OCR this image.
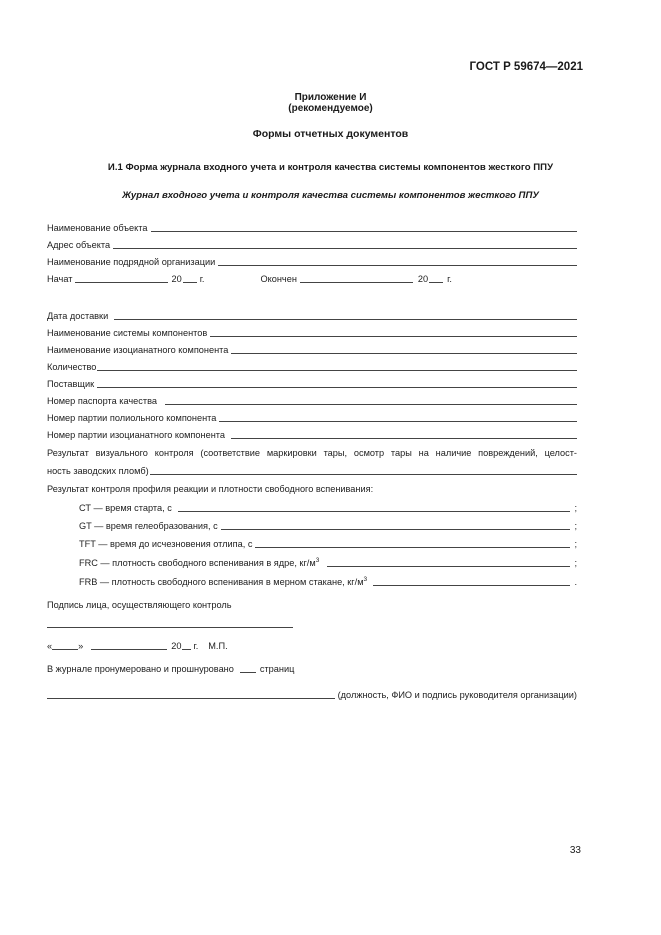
ГОСТ Р 59674—2021
Приложение И
(рекомендуемое)
Формы отчетных документов
И.1 Форма журнала входного учета и контроля качества системы компонентов жесткого ППУ
Журнал входного учета и контроля качества системы компонентов жесткого ППУ
Наименование объекта
Адрес объекта
Наименование подрядной организации
Начат	20 г.	Окончен	20 г.
Дата доставки
Наименование системы компонентов
Наименование изоцианатного компонента
Количество
Поставщик
Номер паспорта качества
Номер партии полиольного компонента
Номер партии изоцианатного компонента
Результат визуального контроля (соответствие маркировки тары, осмотр тары на наличие повреждений, целост-
ность заводских пломб)
Результат контроля профиля реакции и плотности свободного вспенивания:
СТ — время старта, с	;
GT — время гелеобразования, с	;
TFT — время до исчезновения отлипа, с	;
FRC — плотность свободного вспенивания в ядре, $кг/м^3$	;
FRB — плотность свободного вспенивания в мерном стакане, $кг/м^3$	.
Подпись лица, осуществляющего контроль
«	»	20 г. М.П.
В журнале пронумеровано и прошнуровано	страниц
(должность, ФИО и подпись руководителя организации)
33
